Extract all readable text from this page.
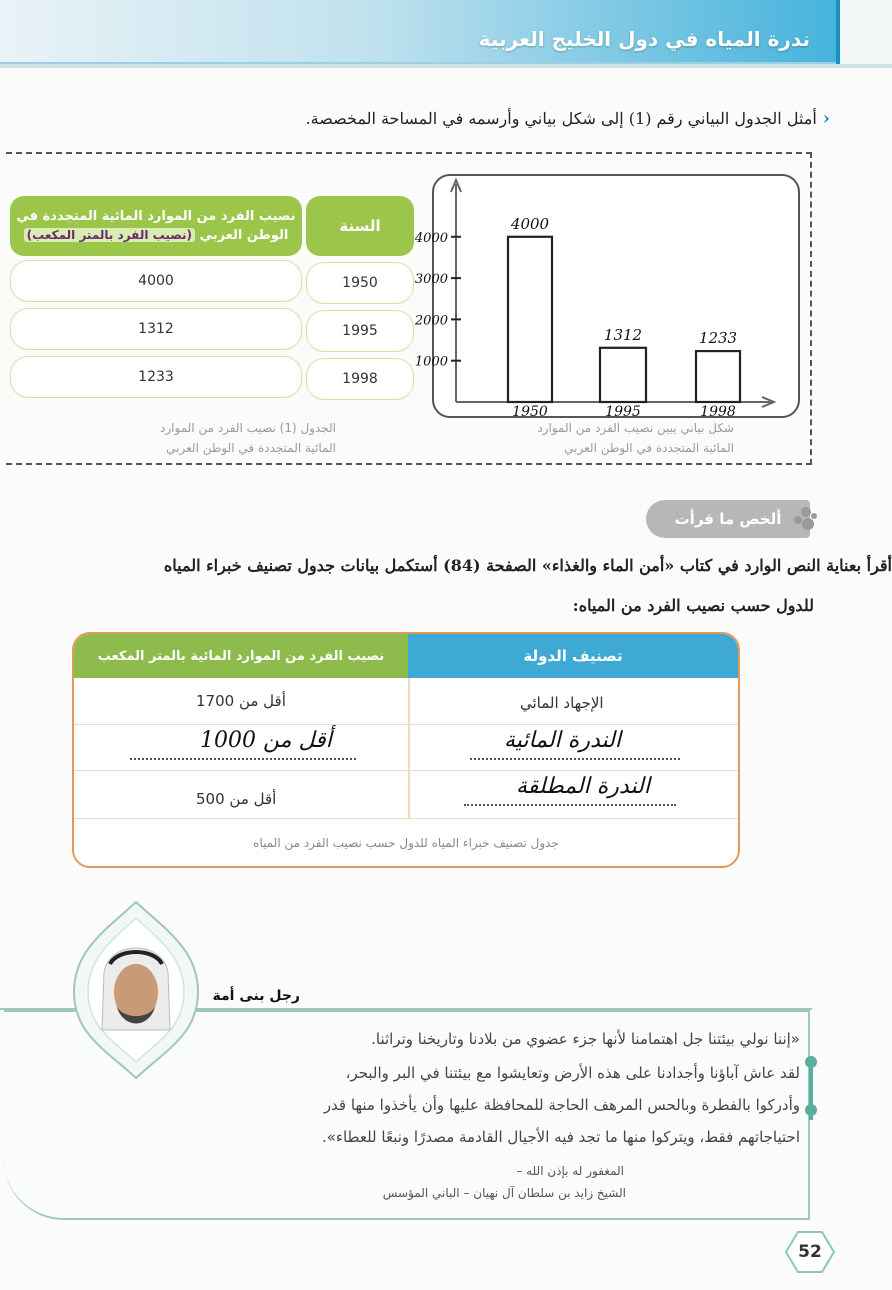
ندرة المياه في دول الخليج العربية
‹
أمثل الجدول البياني رقم (1) إلى شكل بياني وأرسمه في المساحة المخصصة.
السنة
نصيب الفرد من الموارد المائية المتجددة في
الوطن العربي (نصيب الفرد بالمتر المكعب)
1950
4000
1995
1312
1998
1233
الجدول (1) نصيب الفرد من الموارد
المائية المتجددة في الوطن العربي
1000
2000
3000
4000
4000
1950
1312
1995
1233
1998
شكل بياني يبين نصيب الفرد من الموارد
المائية المتجددة في الوطن العربي
ألخص ما قرأت
أقرأ بعناية النص الوارد في كتاب «أمن الماء والغذاء» الصفحة (84) أستكمل بيانات جدول تصنيف خبراء المياه
للدول حسب نصيب الفرد من المياه:
تصنيف الدولة
نصيب الفرد من الموارد المائية بالمتر المكعب
الإجهاد المائي
أقل من 1700
الندرة المائية
أقل من 1000
الندرة المطلقة
أقل من 500
جدول تصنيف خبراء المياه للدول حسب نصيب الفرد من المياه
رجل بنى أمة
«إننا نولي بيئتنا جل اهتمامنا لأنها جزء عضوي من بلادنا وتاريخنا وتراثنا.
لقد عاش آباؤنا وأجدادنا على هذه الأرض وتعايشوا مع بيئتنا في البر والبحر،
وأدركوا بالفطرة وبالحس المرهف الحاجة للمحافظة عليها وأن يأخذوا منها قدر
احتياجاتهم فقط، ويتركوا منها ما تجد فيه الأجيال القادمة مصدرًا ونبعًا للعطاء».
المغفور له بإذن الله –
الشيخ زايد بن سلطان آل نهيان – الباني المؤسس
52
